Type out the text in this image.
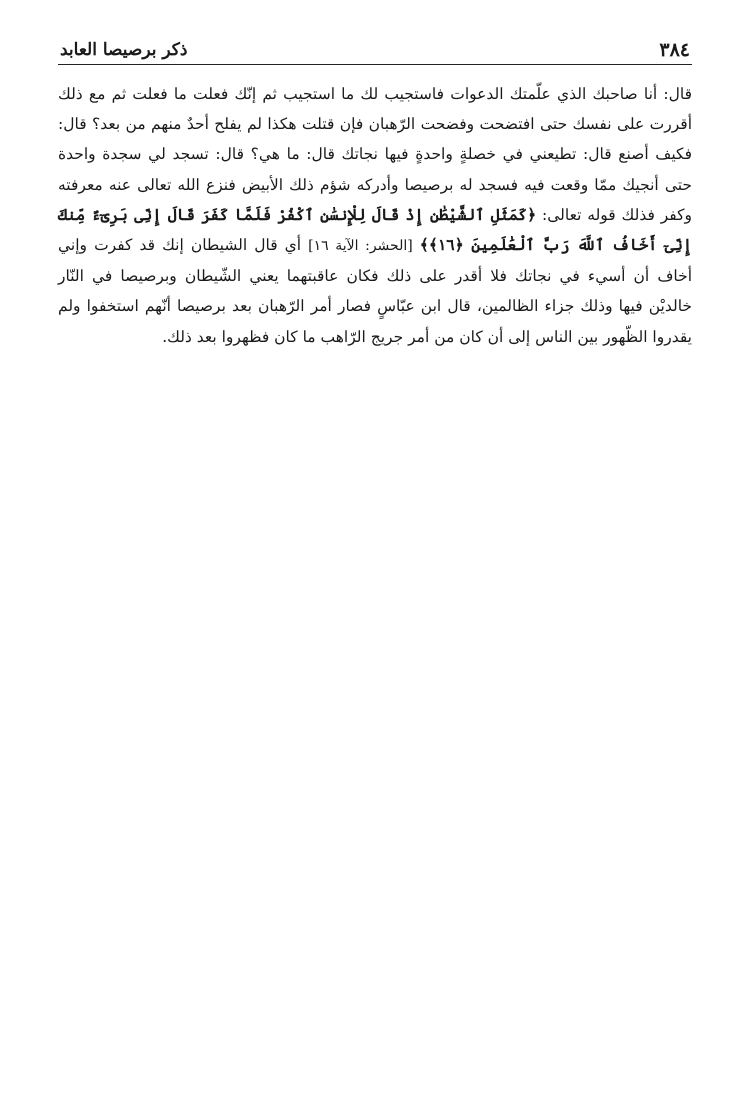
٣٨٤
ذكر برصيصا العابد

قال: أنا صاحبك الذي علّمتك الدعوات فاستجيب لك ما استجيب ثم إنّك فعلت ما فعلت ثم مع ذلك أقررت على نفسك حتى افتضحت وفضحت الرّهبان فإن قتلت هكذا لم يفلح أحدٌ منهم من بعد؟ قال: فكيف أصنع قال: تطيعني في خصلةٍ واحدةٍ فيها نجاتك قال: ما هي؟ قال: تسجد لي سجدة واحدة حتى أنجيك ممّا وقعت فيه فسجد له برصيصا وأدركه شؤم ذلك الأبيض فنزع الله تعالى عنه معرفته وكفر فذلك قوله تعالى: ﴿كَمَثَلِ ٱلشَّيْطَٰنِ إِذْ قَالَ لِلْإِنسَٰنِ ٱكْفُرْ فَلَمَّا كَفَرَ قَالَ إِنِّى بَرِىٓءٌ مِّنكَ إِنِّىٓ أَخَافُ ٱللَّهَ رَبَّ ٱلْعَٰلَمِينَ ﴿١٦﴾﴾ [الحشر: الآية ١٦] أي قال الشيطان إنك قد كفرت وإني أخاف أن أسيء في نجاتك فلا أقدر على ذلك فكان عاقبتهما يعني الشّيطان وبرصيصا في النّار خالديْن فيها وذلك جزاء الظالمين، قال ابن عبّاسٍ فصار أمر الرّهبان بعد برصيصا أنّهم استخفوا ولم يقدروا الظّهور بين الناس إلى أن كان من أمر جريج الرّاهب ما كان فظهروا بعد ذلك.
